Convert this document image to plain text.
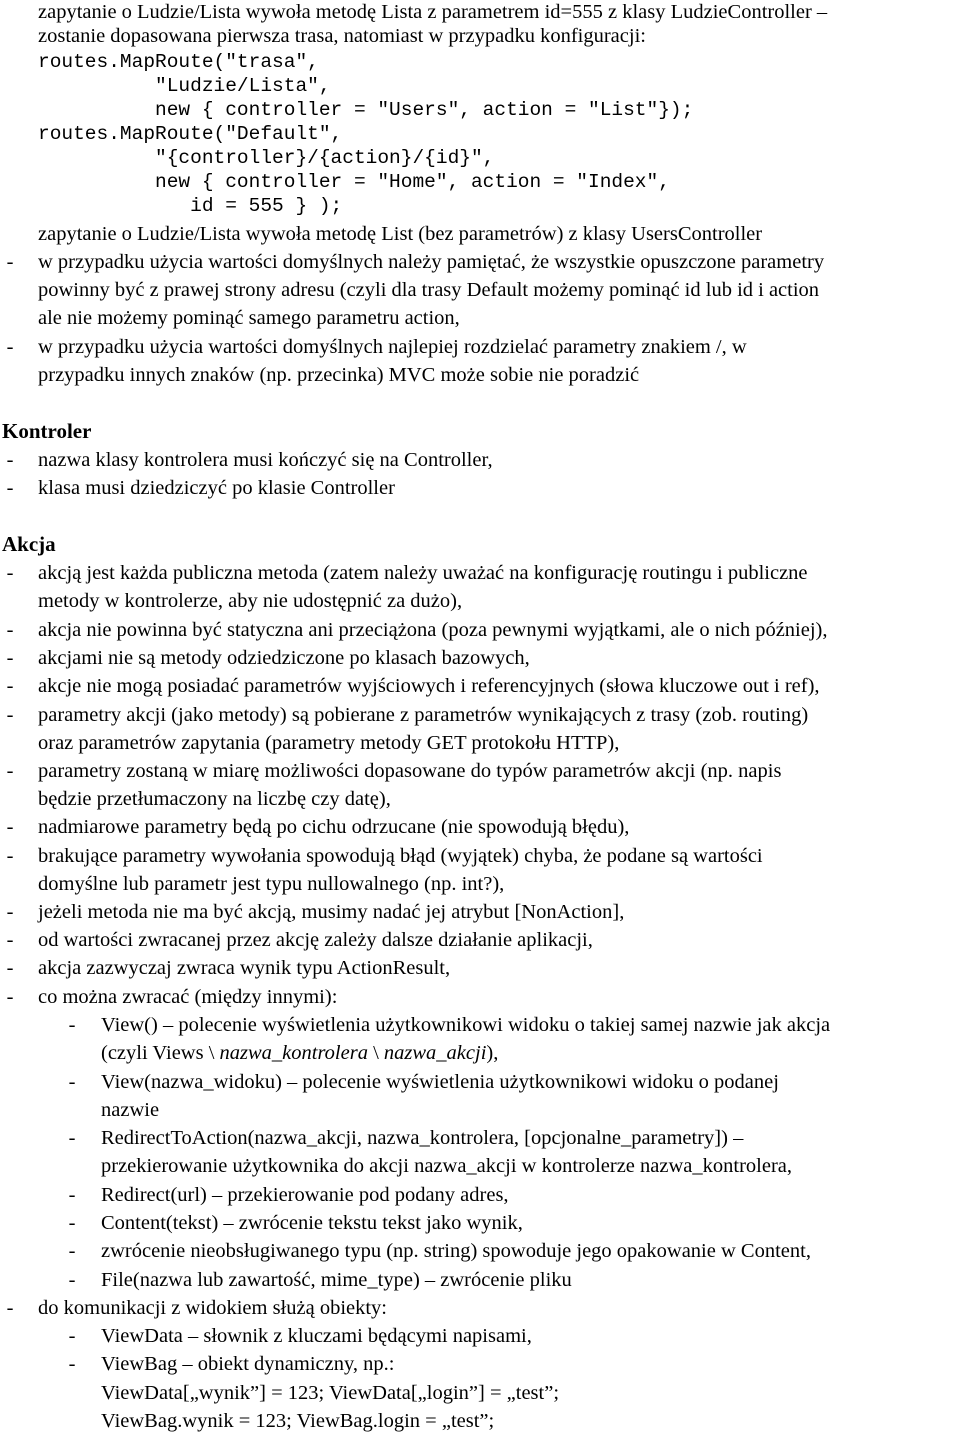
zapytanie o Ludzie/Lista wywoła metodę Lista z parametrem id=555 z klasy LudzieController –
zostanie dopasowana pierwsza trasa, natomiast w przypadku konfiguracji:
routes.MapRoute("trasa",
"Ludzie/Lista",
new { controller = "Users", action = "List"});
routes.MapRoute("Default",
"{controller}/{action}/{id}",
new { controller = "Home", action = "Index",
id = 555 } );
zapytanie o Ludzie/Lista wywoła metodę List (bez parametrów) z klasy UsersController
-	w przypadku użycia wartości domyślnych należy pamiętać, że wszystkie opuszczone parametry
powinny być z prawej strony adresu (czyli dla trasy Default możemy pominąć id lub id i action
ale nie możemy pominąć samego parametru action,
-	w przypadku użycia wartości domyślnych najlepiej rozdzielać parametry znakiem /, w
przypadku innych znaków (np. przecinka) MVC może sobie nie poradzić
Kontroler
-	nazwa klasy kontrolera musi kończyć się na Controller,
-	klasa musi dziedziczyć po klasie Controller
Akcja
-	akcją jest każda publiczna metoda (zatem należy uważać na konfigurację routingu i publiczne
metody w kontrolerze, aby nie udostępnić za dużo),
-	akcja nie powinna być statyczna ani przeciążona (poza pewnymi wyjątkami, ale o nich później),
-	akcjami nie są metody odziedziczone po klasach bazowych,
-	akcje nie mogą posiadać parametrów wyjściowych i referencyjnych (słowa kluczowe out i ref),
-	parametry akcji (jako metody) są pobierane z parametrów wynikających z trasy (zob. routing)
oraz parametrów zapytania (parametry metody GET protokołu HTTP),
-	parametry zostaną w miarę możliwości dopasowane do typów parametrów akcji (np. napis
będzie przetłumaczony na liczbę czy datę),
-	nadmiarowe parametry będą po cichu odrzucane (nie spowodują błędu),
-	brakujące parametry wywołania spowodują błąd (wyjątek) chyba, że podane są wartości
domyślne lub parametr jest typu nullowalnego (np. int?),
-	jeżeli metoda nie ma być akcją, musimy nadać jej atrybut [NonAction],
-	od wartości zwracanej przez akcję zależy dalsze działanie aplikacji,
-	akcja zazwyczaj zwraca wynik typu ActionResult,
-	co można zwracać (między innymi):
-	View() – polecenie wyświetlenia użytkownikowi widoku o takiej samej nazwie jak akcja
(czyli Views \ nazwa_kontrolera \ nazwa_akcji),
-	View(nazwa_widoku) – polecenie wyświetlenia użytkownikowi widoku o podanej
nazwie
-	RedirectToAction(nazwa_akcji, nazwa_kontrolera, [opcjonalne_parametry]) –
przekierowanie użytkownika do akcji nazwa_akcji w kontrolerze nazwa_kontrolera,
-	Redirect(url) – przekierowanie pod podany adres,
-	Content(tekst) – zwrócenie tekstu tekst jako wynik,
-	zwrócenie nieobsługiwanego typu (np. string) spowoduje jego opakowanie w Content,
-	File(nazwa lub zawartość, mime_type) – zwrócenie pliku
-	do komunikacji z widokiem służą obiekty:
-	ViewData – słownik z kluczami będącymi napisami,
-	ViewBag – obiekt dynamiczny, np.:
ViewData[„wynik”] = 123; ViewData[„login”] = „test”;
ViewBag.wynik = 123; ViewBag.login = „test”;
